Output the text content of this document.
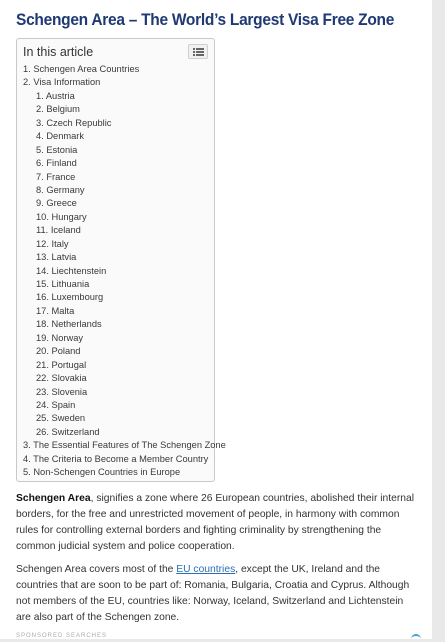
Schengen Area – The World’s Largest Visa Free Zone
In this article
1. Schengen Area Countries
2. Visa Information
1. Austria
2. Belgium
3. Czech Republic
4. Denmark
5. Estonia
6. Finland
7. France
8. Germany
9. Greece
10. Hungary
11. Iceland
12. Italy
13. Latvia
14. Liechtenstein
15. Lithuania
16. Luxembourg
17. Malta
18. Netherlands
19. Norway
20. Poland
21. Portugal
22. Slovakia
23. Slovenia
24. Spain
25. Sweden
26. Switzerland
3. The Essential Features of The Schengen Zone
4. The Criteria to Become a Member Country
5. Non-Schengen Countries in Europe
Schengen Area, signifies a zone where 26 European countries, abolished their internal borders, for the free and unrestricted movement of people, in harmony with common rules for controlling external borders and fighting criminality by strengthening the common judicial system and police cooperation.
Schengen Area covers most of the EU countries, except the UK, Ireland and the countries that are soon to be part of: Romania, Bulgaria, Croatia and Cyprus. Although not members of the EU, countries like: Norway, Iceland, Switzerland and Lichtenstein are also part of the Schengen zone.
SPONSORED SEARCHES
